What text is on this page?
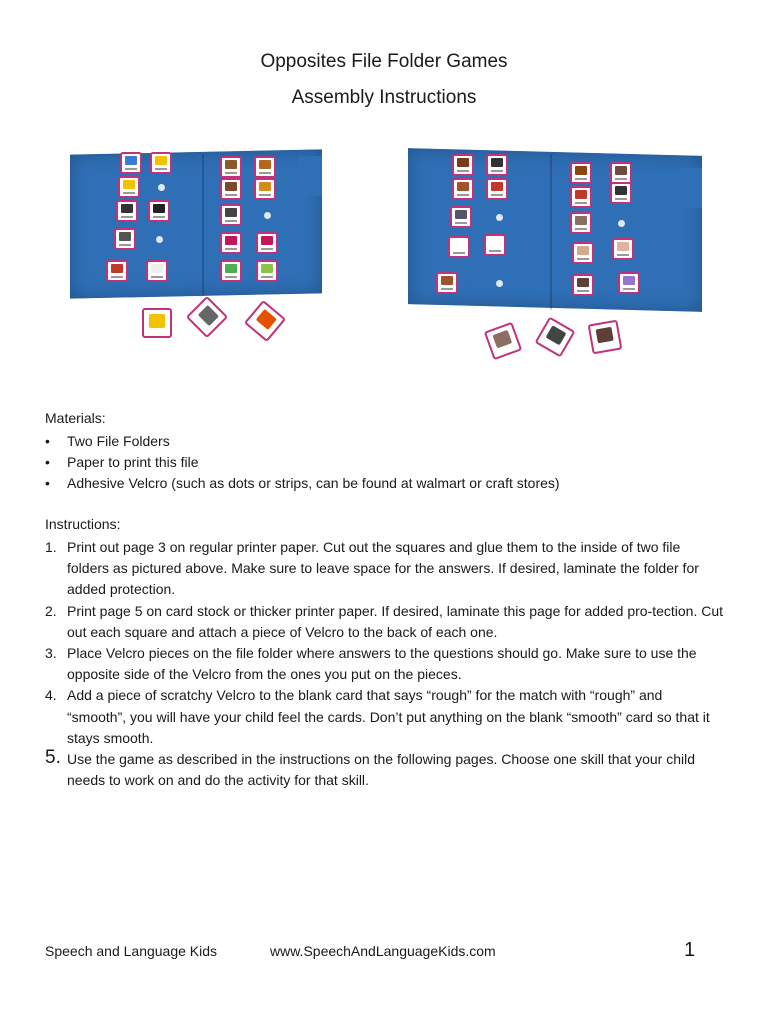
Opposites File Folder Games
Assembly Instructions
Materials:
• Two File Folders
• Paper to print this file
• Adhesive Velcro (such as dots or strips, can be found at walmart or craft stores)
Instructions:
1. Print out page 3 on regular printer paper. Cut out the squares and glue them to the inside of two file folders as pictured above. Make sure to leave space for the answers. If desired, laminate the folder for added protection.
2. Print page 5 on card stock or thicker printer paper. If desired, laminate this page for added pro-tection. Cut out each square and attach a piece of Velcro to the back of each one.
3. Place Velcro pieces on the file folder where answers to the questions should go. Make sure to use the opposite side of the Velcro from the ones you put on the pieces.
4. Add a piece of scratchy Velcro to the blank card that says “rough” for the match with “rough” and “smooth”, you will have your child feel the cards. Don’t put anything on the blank “smooth” card so that it stays smooth.
5. Use the game as described in the instructions on the following pages. Choose one skill that your child needs to work on and do the activity for that skill.
Speech and Language Kids	www.SpeechAndLanguageKids.com	1
